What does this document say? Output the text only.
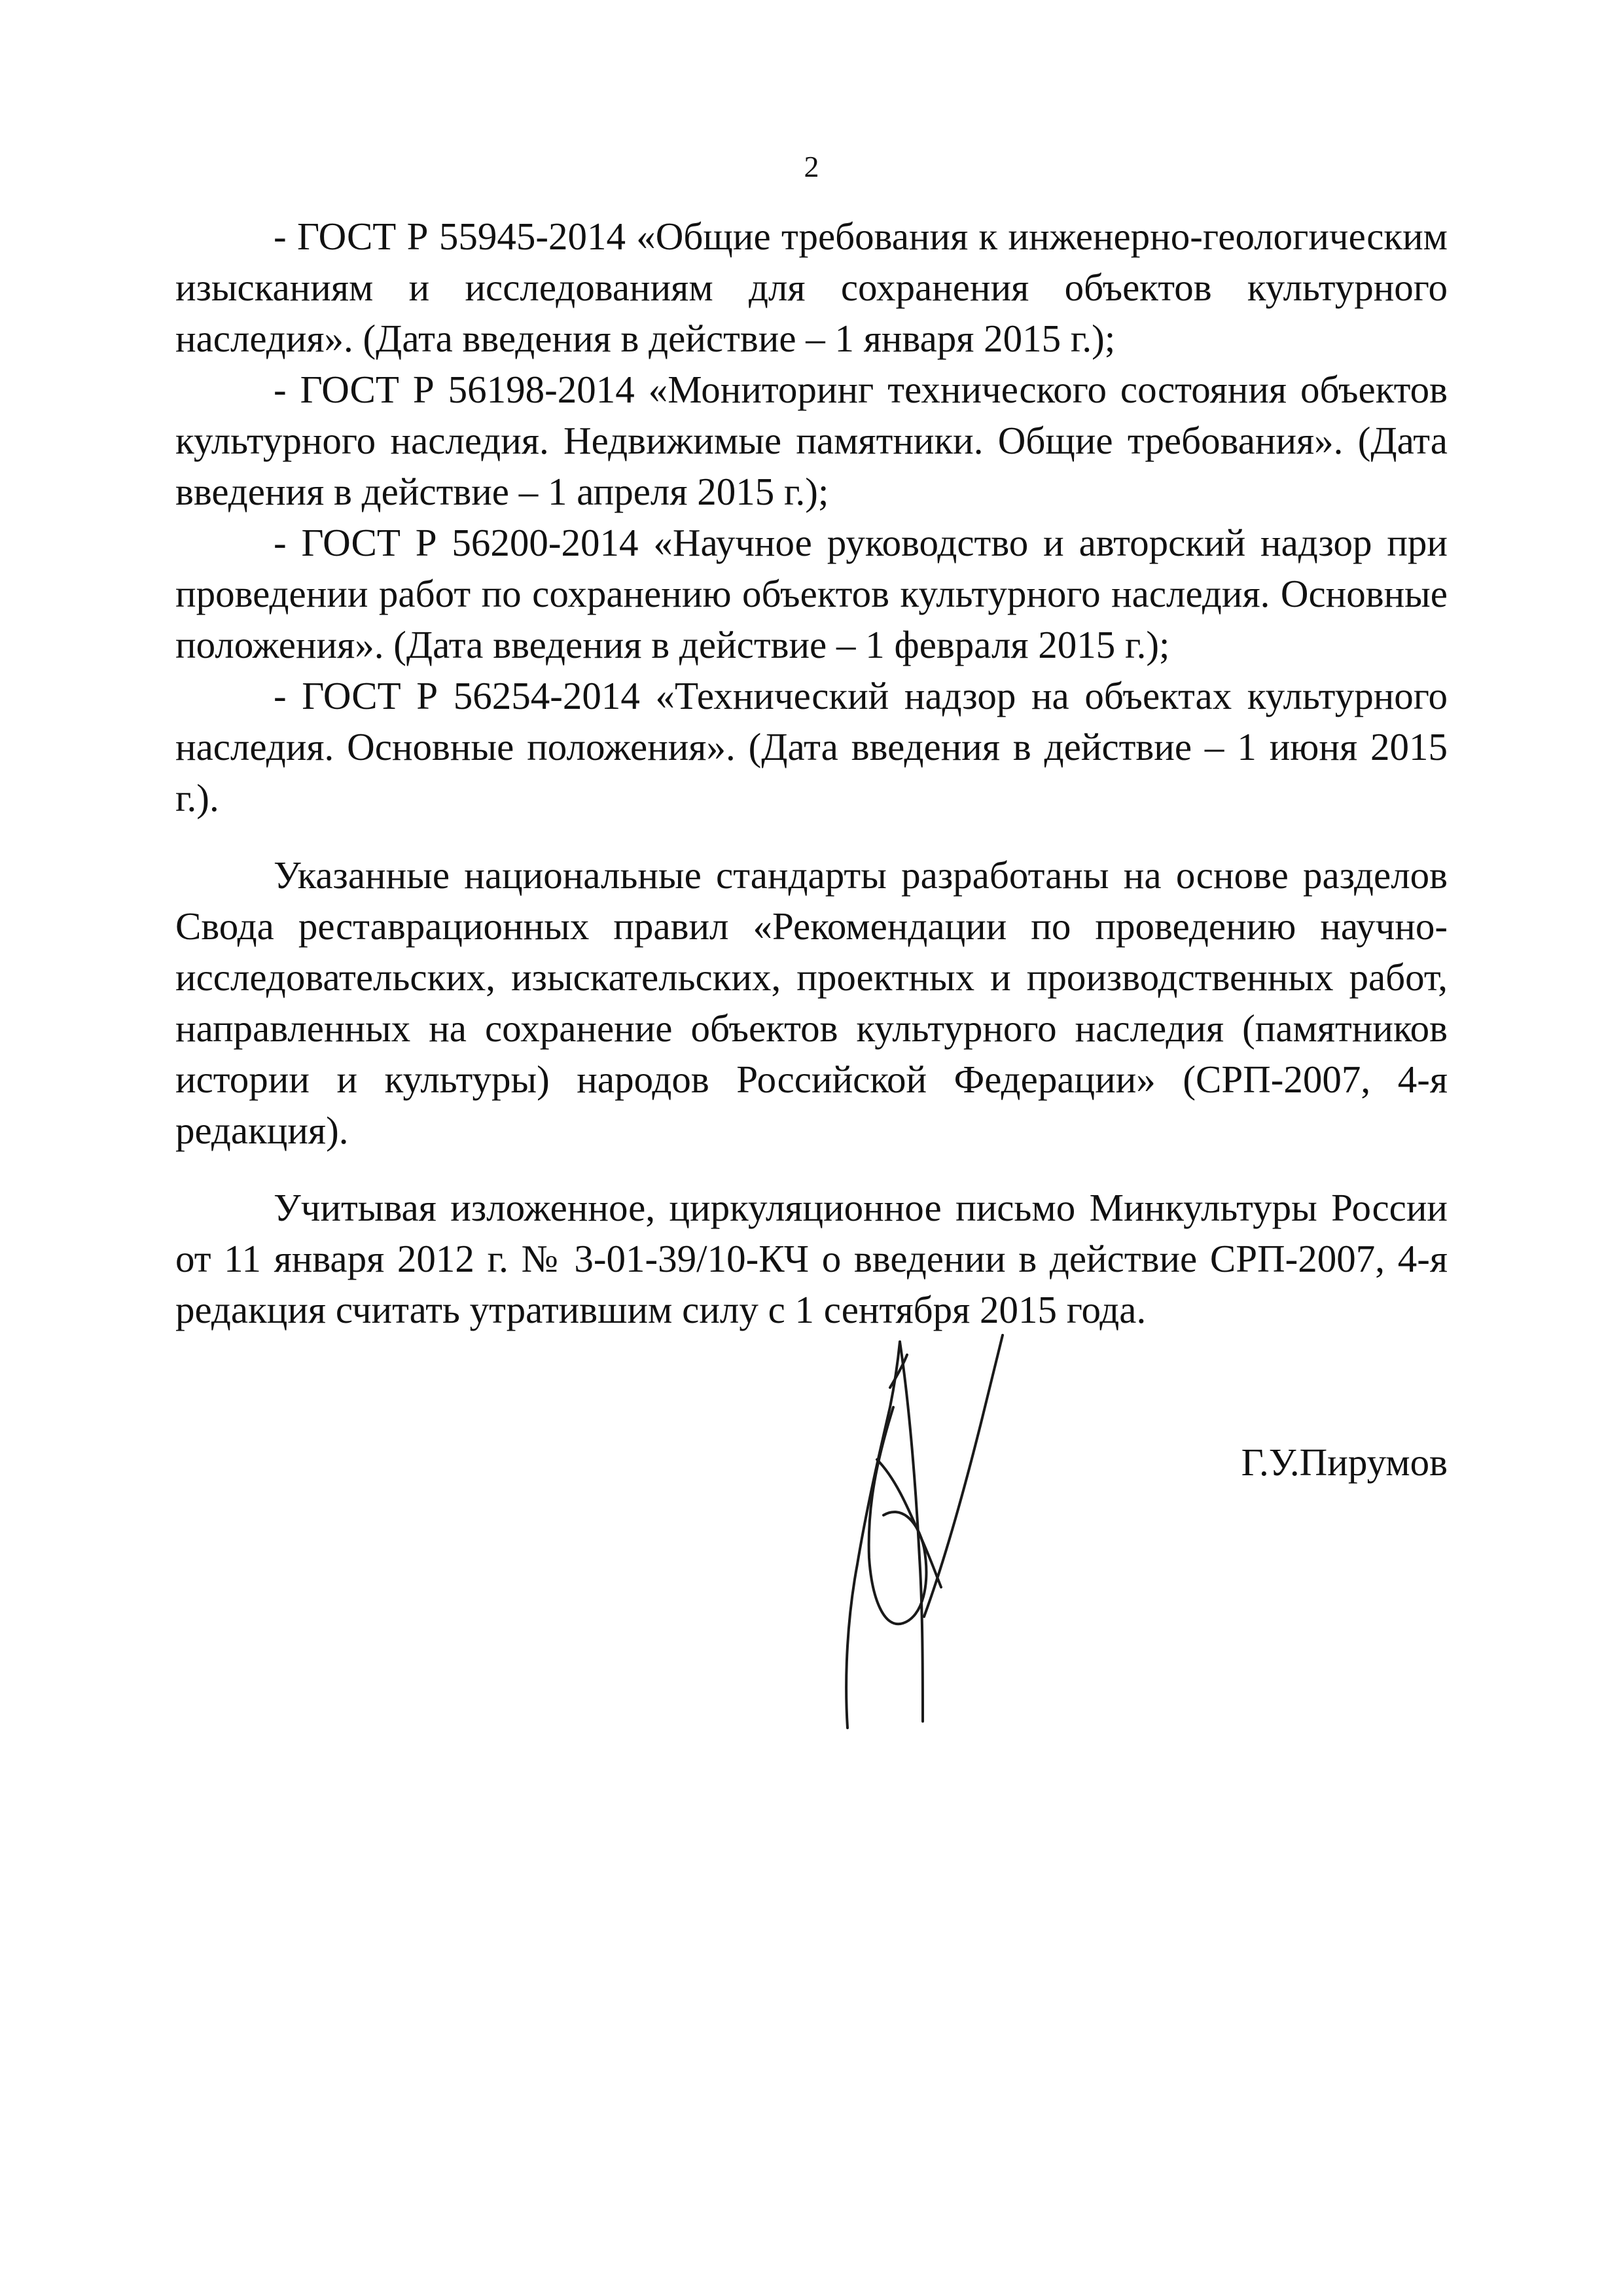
2

- ГОСТ Р 55945-2014 «Общие требования к инженерно-геологическим изысканиям и исследованиям для сохранения объектов культурного наследия». (Дата введения в действие – 1 января 2015 г.);

- ГОСТ Р 56198-2014 «Мониторинг технического состояния объектов культурного наследия. Недвижимые памятники. Общие требования». (Дата введения в действие – 1 апреля 2015 г.);

- ГОСТ Р 56200-2014 «Научное руководство и авторский надзор при проведении работ по сохранению объектов культурного наследия. Основные положения». (Дата введения в действие – 1 февраля 2015 г.);

- ГОСТ Р 56254-2014 «Технический надзор на объектах культурного наследия. Основные положения». (Дата введения в действие – 1 июня 2015 г.).

Указанные национальные стандарты разработаны на основе разделов Свода реставрационных правил «Рекомендации по проведению научно-исследовательских, изыскательских, проектных и производственных работ, направленных на сохранение объектов культурного наследия (памятников истории и культуры) народов Российской Федерации» (СРП-2007, 4-я редакция).

Учитывая изложенное, циркуляционное письмо Минкультуры России от 11 января 2012 г. № 3-01-39/10-КЧ о введении в действие СРП-2007, 4-я редакция считать утратившим силу с 1 сентября 2015 года.

Г.У.Пирумов
